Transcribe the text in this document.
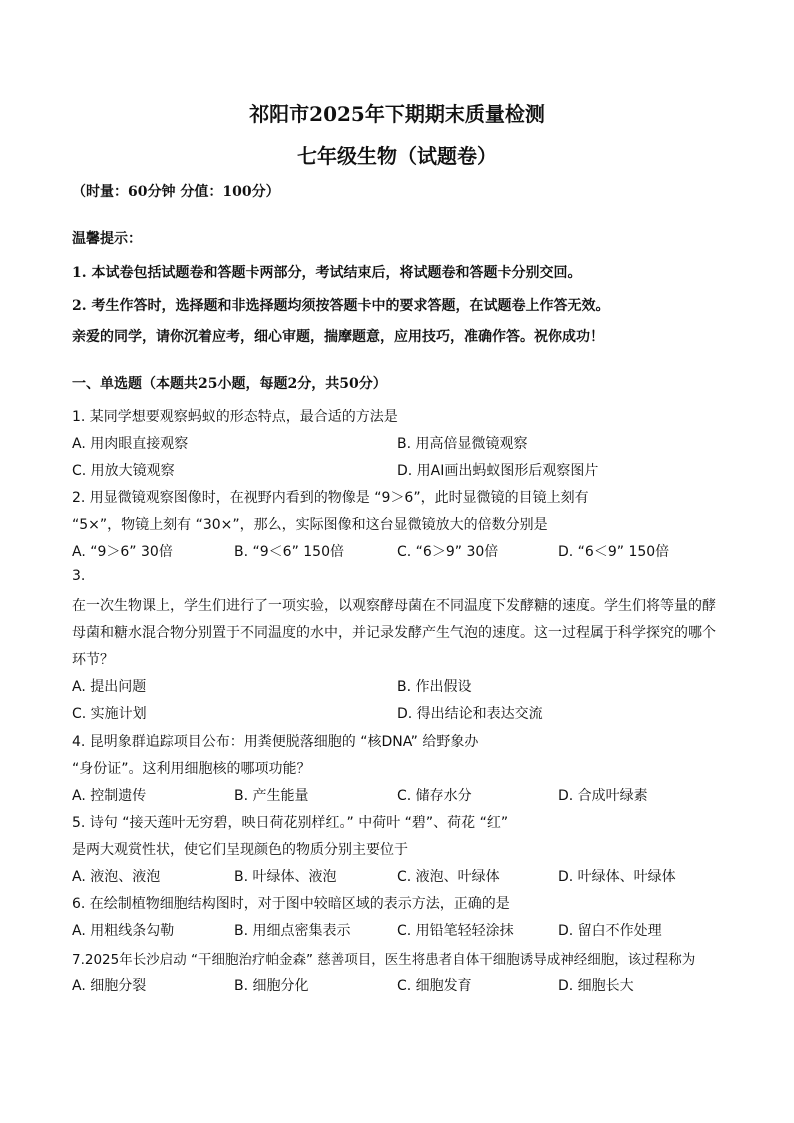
祁阳市2025年下期期末质量检测
七年级生物（试题卷）
（时量：60分钟 分值：100分）
温馨提示：
1. 本试卷包括试题卷和答题卡两部分，考试结束后，将试题卷和答题卡分别交回。
2. 考生作答时，选择题和非选择题均须按答题卡中的要求答题，在试题卷上作答无效。
亲爱的同学，请你沉着应考，细心审题，揣摩题意，应用技巧，准确作答。祝你成功！
一、单选题（本题共25小题，每题2分，共50分）
1. 某同学想要观察蚂蚁的形态特点，最合适的方法是
A. 用肉眼直接观察	B. 用高倍显微镜观察
C. 用放大镜观察	D. 用AI画出蚂蚁图形后观察图片
2. 用显微镜观察图像时，在视野内看到的物像是 “9＞6”，此时显微镜的目镜上刻有
“5×”，物镜上刻有 “30×”，那么，实际图像和这台显微镜放大的倍数分别是
A. “9＞6” 30倍	B. “9＜6” 150倍	C. “6＞9” 30倍	D. “6＜9” 150倍
3.
在一次生物课上，学生们进行了一项实验，以观察酵母菌在不同温度下发酵糖的速度。学生们将等量的酵
母菌和糖水混合物分别置于不同温度的水中，并记录发酵产生气泡的速度。这一过程属于科学探究的哪个
环节？
A. 提出问题	B. 作出假设
C. 实施计划	D. 得出结论和表达交流
4. 昆明象群追踪项目公布：用粪便脱落细胞的 “核DNA” 给野象办
“身份证”。这利用细胞核的哪项功能？
A. 控制遗传	B. 产生能量	C. 储存水分	D. 合成叶绿素
5. 诗句 “接天莲叶无穷碧，映日荷花别样红。” 中荷叶 “碧”、荷花 “红”
是两大观赏性状，使它们呈现颜色的物质分别主要位于
A. 液泡、液泡	B. 叶绿体、液泡	C. 液泡、叶绿体	D. 叶绿体、叶绿体
6. 在绘制植物细胞结构图时，对于图中较暗区域的表示方法，正确的是
A. 用粗线条勾勒	B. 用细点密集表示	C. 用铅笔轻轻涂抹	D. 留白不作处理
7.2025年长沙启动 “干细胞治疗帕金森” 慈善项目，医生将患者自体干细胞诱导成神经细胞，该过程称为
A. 细胞分裂	B. 细胞分化	C. 细胞发育	D. 细胞长大
